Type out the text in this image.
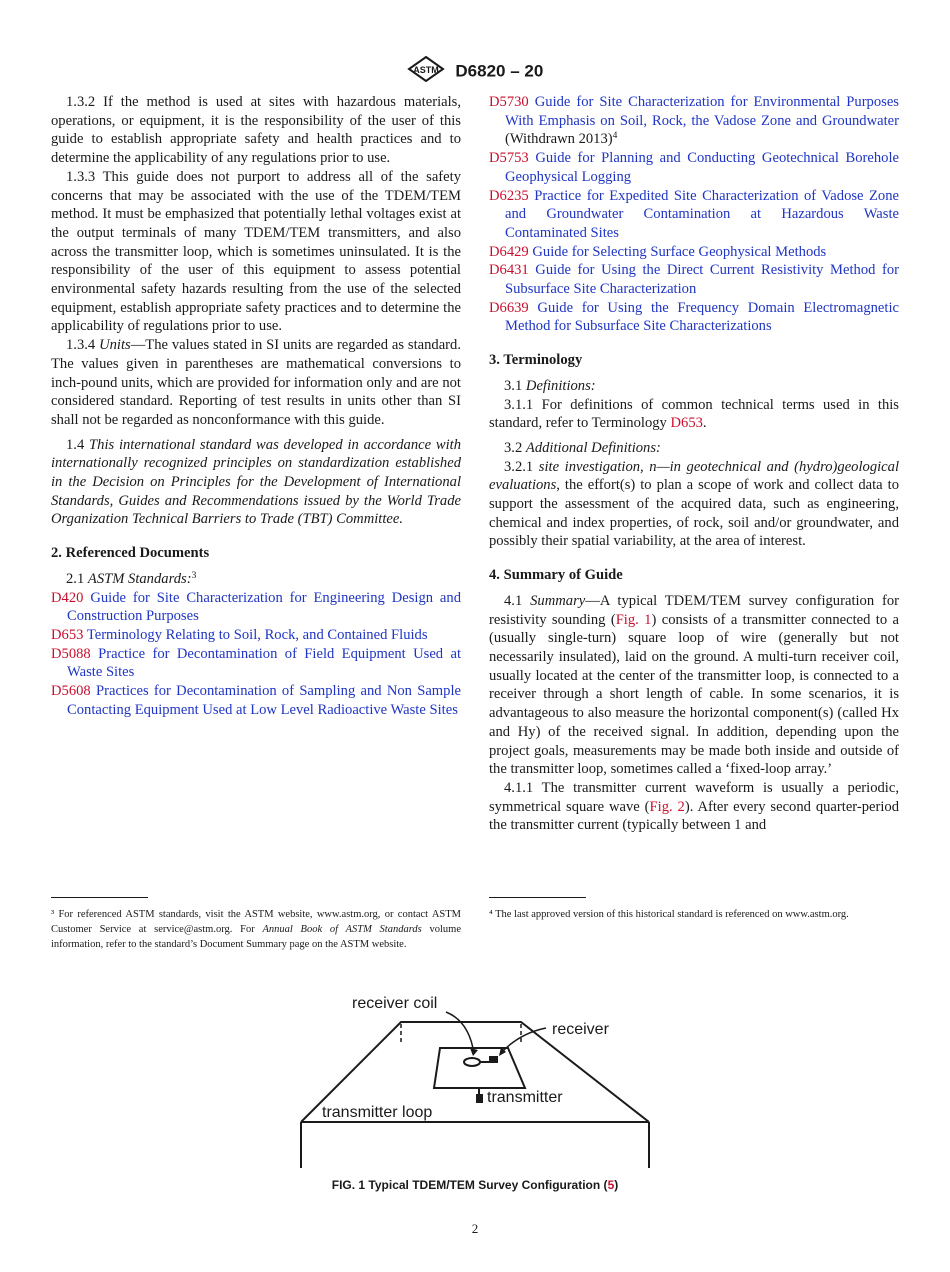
ASTM D6820 – 20

1.3.2 If the method is used at sites with hazardous materials, operations, or equipment, it is the responsibility of the user of this guide to establish appropriate safety and health practices and to determine the applicability of any regulations prior to use.

1.3.3 This guide does not purport to address all of the safety concerns that may be associated with the use of the TDEM/TEM method. It must be emphasized that potentially lethal voltages exist at the output terminals of many TDEM/TEM transmitters, and also across the transmitter loop, which is sometimes uninsulated. It is the responsibility of the user of this equipment to assess potential environmental safety hazards resulting from the use of the selected equipment, establish appropriate safety practices and to determine the applicability of regulations prior to use.

1.3.4 Units—The values stated in SI units are regarded as standard. The values given in parentheses are mathematical conversions to inch-pound units, which are provided for information only and are not considered standard. Reporting of test results in units other than SI shall not be regarded as nonconformance with this guide.

1.4 This international standard was developed in accordance with internationally recognized principles on standardization established in the Decision on Principles for the Development of International Standards, Guides and Recommendations issued by the World Trade Organization Technical Barriers to Trade (TBT) Committee.

2. Referenced Documents

2.1 ASTM Standards:$^3$

D420 Guide for Site Characterization for Engineering Design and Construction Purposes

D653 Terminology Relating to Soil, Rock, and Contained Fluids

D5088 Practice for Decontamination of Field Equipment Used at Waste Sites

D5608 Practices for Decontamination of Sampling and Non Sample Contacting Equipment Used at Low Level Radioactive Waste Sites

D5730 Guide for Site Characterization for Environmental Purposes With Emphasis on Soil, Rock, the Vadose Zone and Groundwater (Withdrawn 2013)$^4$

D5753 Guide for Planning and Conducting Geotechnical Borehole Geophysical Logging

D6235 Practice for Expedited Site Characterization of Vadose Zone and Groundwater Contamination at Hazardous Waste Contaminated Sites

D6429 Guide for Selecting Surface Geophysical Methods

D6431 Guide for Using the Direct Current Resistivity Method for Subsurface Site Characterization

D6639 Guide for Using the Frequency Domain Electromagnetic Method for Subsurface Site Characterizations

3. Terminology

3.1 Definitions:

3.1.1 For definitions of common technical terms used in this standard, refer to Terminology D653.

3.2 Additional Definitions:

3.2.1 site investigation, n—in geotechnical and (hydro)geological evaluations, the effort(s) to plan a scope of work and collect data to support the assessment of the acquired data, such as engineering, chemical and index properties, of rock, soil and/or groundwater, and possibly their spatial variability, at the area of interest.

4. Summary of Guide

4.1 Summary—A typical TDEM/TEM survey configuration for resistivity sounding (Fig. 1) consists of a transmitter connected to a (usually single-turn) square loop of wire (generally but not necessarily insulated), laid on the ground. A multi-turn receiver coil, usually located at the center of the transmitter loop, is connected to a receiver through a short length of cable. In some scenarios, it is advantageous to also measure the horizontal component(s) (called Hx and Hy) of the received signal. In addition, depending upon the project goals, measurements may be made both inside and outside of the transmitter loop, sometimes called a ‘fixed-loop array.’

4.1.1 The transmitter current waveform is usually a periodic, symmetrical square wave (Fig. 2). After every second quarter-period the transmitter current (typically between 1 and

³ For referenced ASTM standards, visit the ASTM website, www.astm.org, or contact ASTM Customer Service at service@astm.org. For Annual Book of ASTM Standards volume information, refer to the standard’s Document Summary page on the ASTM website.
⁴ The last approved version of this historical standard is referenced on www.astm.org.
receiver coil
receiver
transmitter
transmitter loop
FIG. 1 Typical TDEM/TEM Survey Configuration (5)
2
